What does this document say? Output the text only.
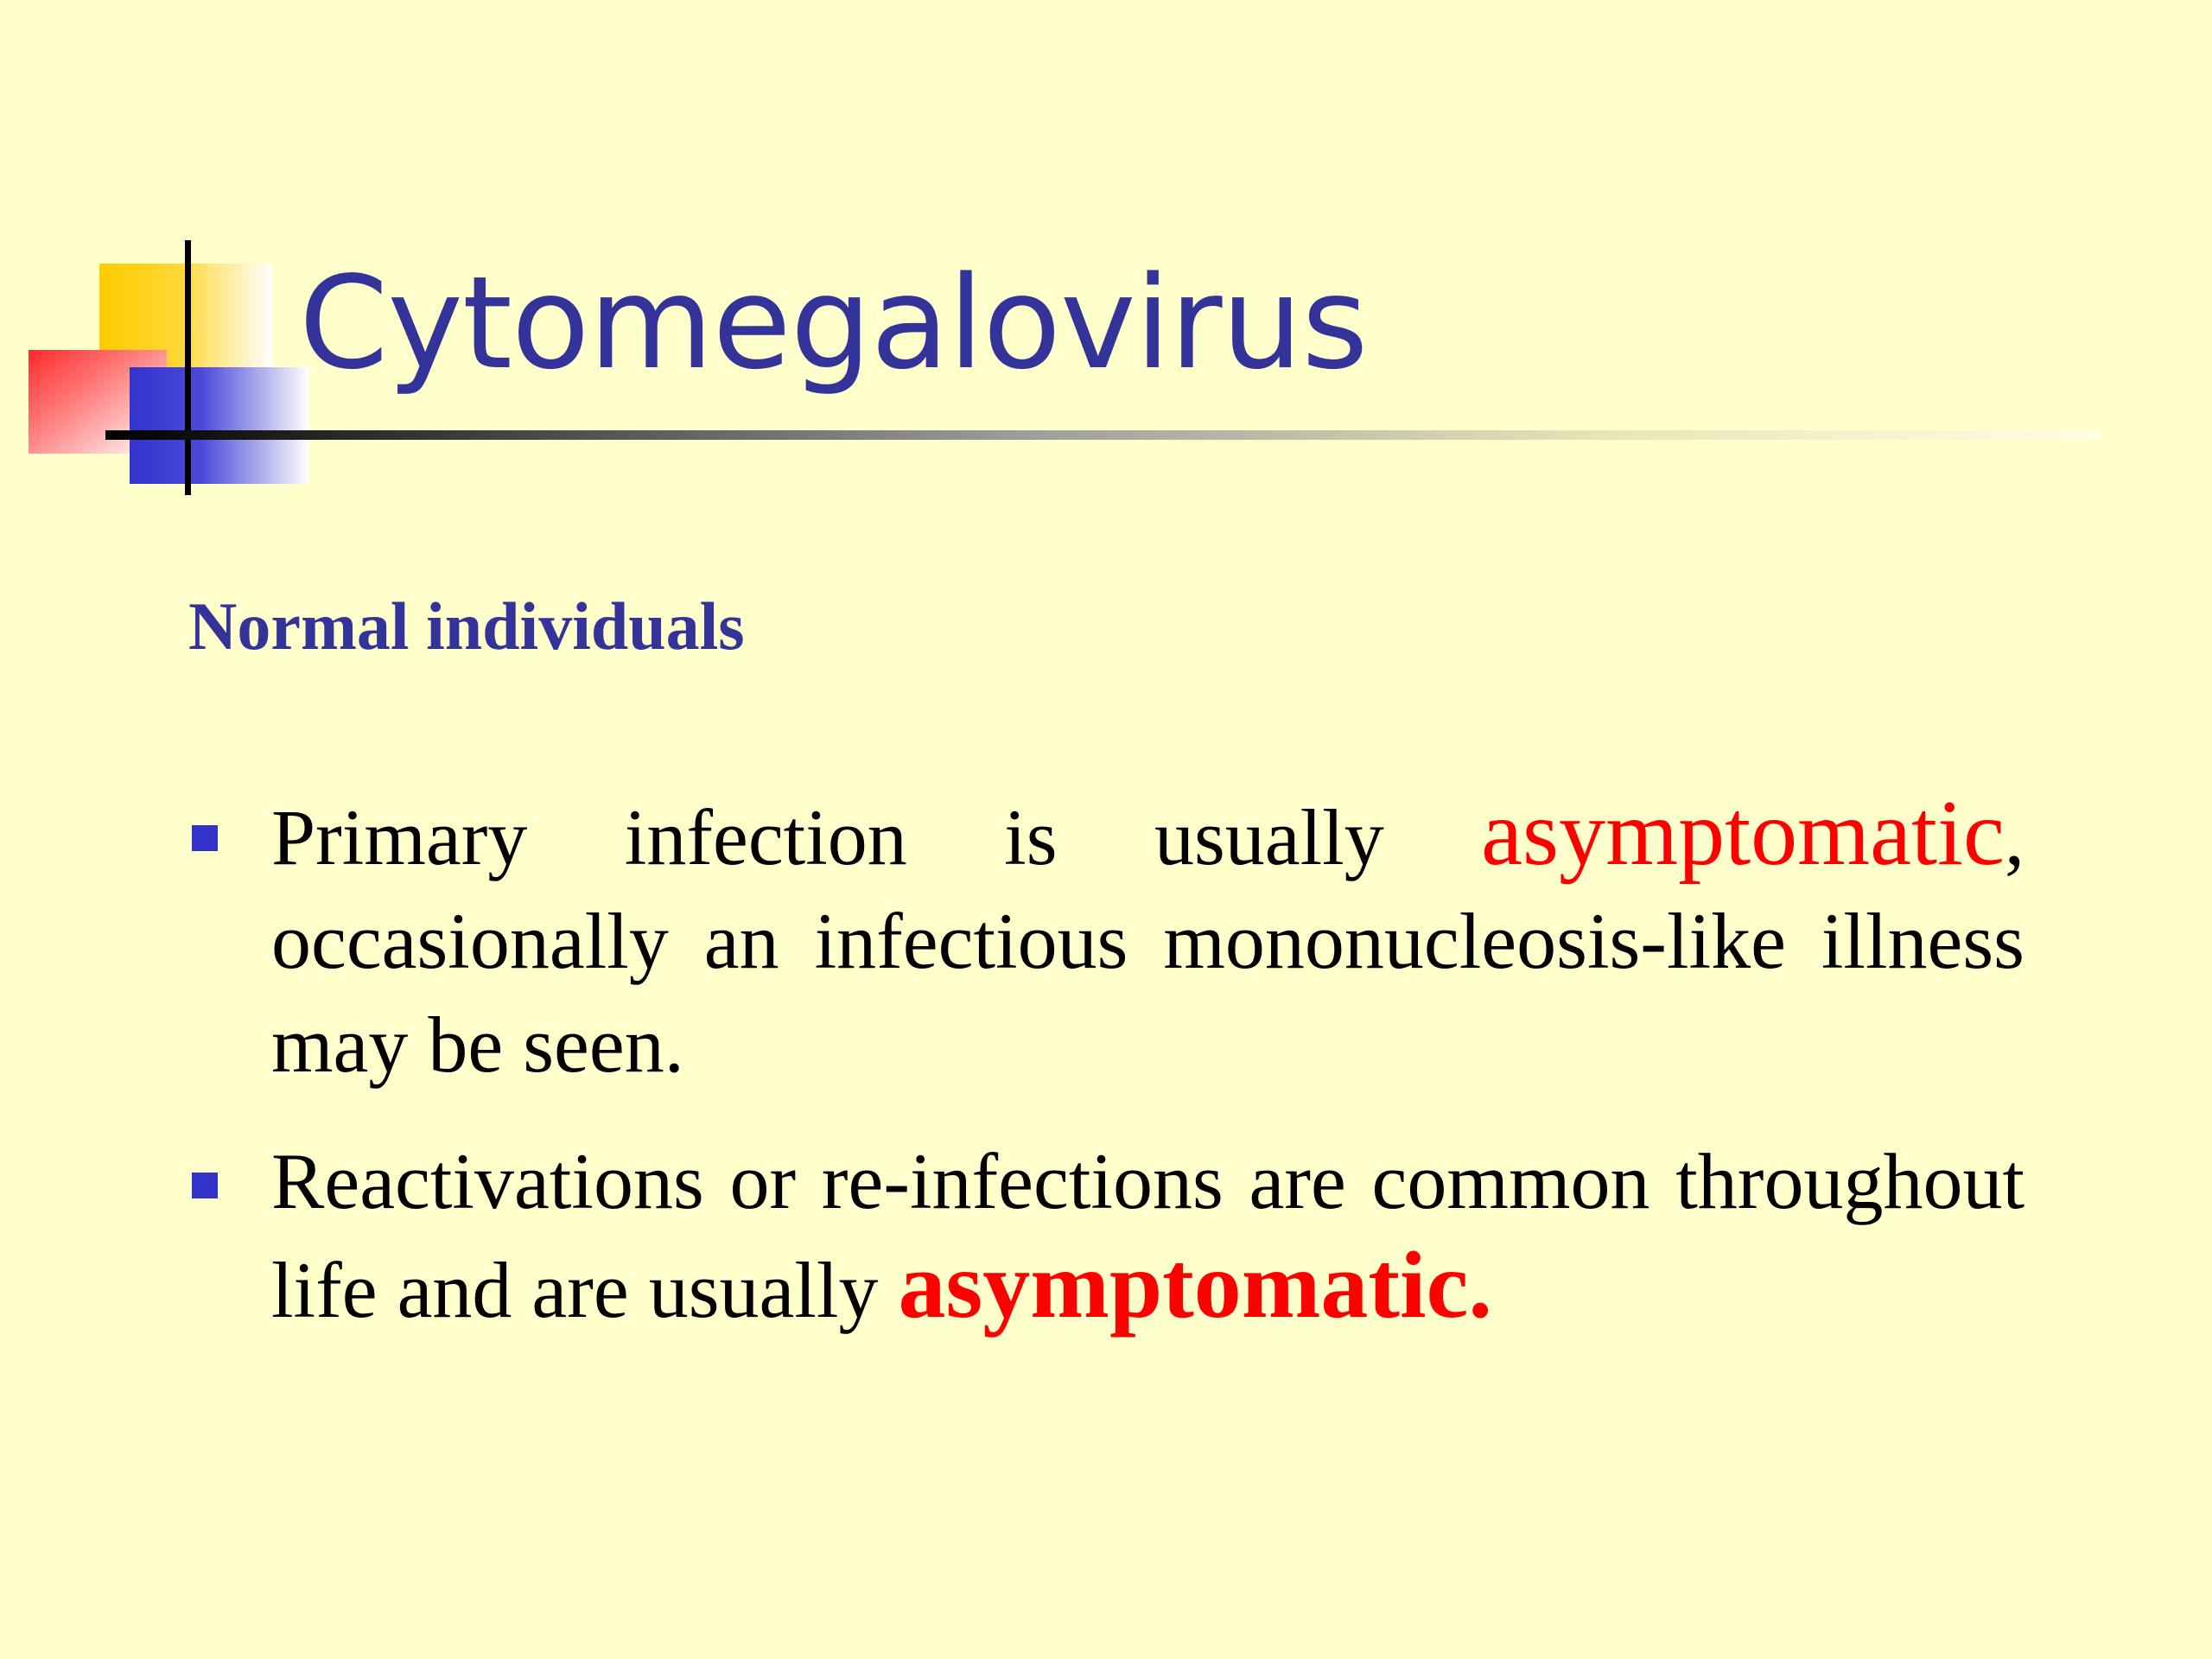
Cytomegalovirus
Normal individuals
Primary infection is usually asymptomatic, occasionally an infectious mononucleosis-like illness may be seen.
Reactivations or re-infections are common throughout life and are usually asymptomatic.
